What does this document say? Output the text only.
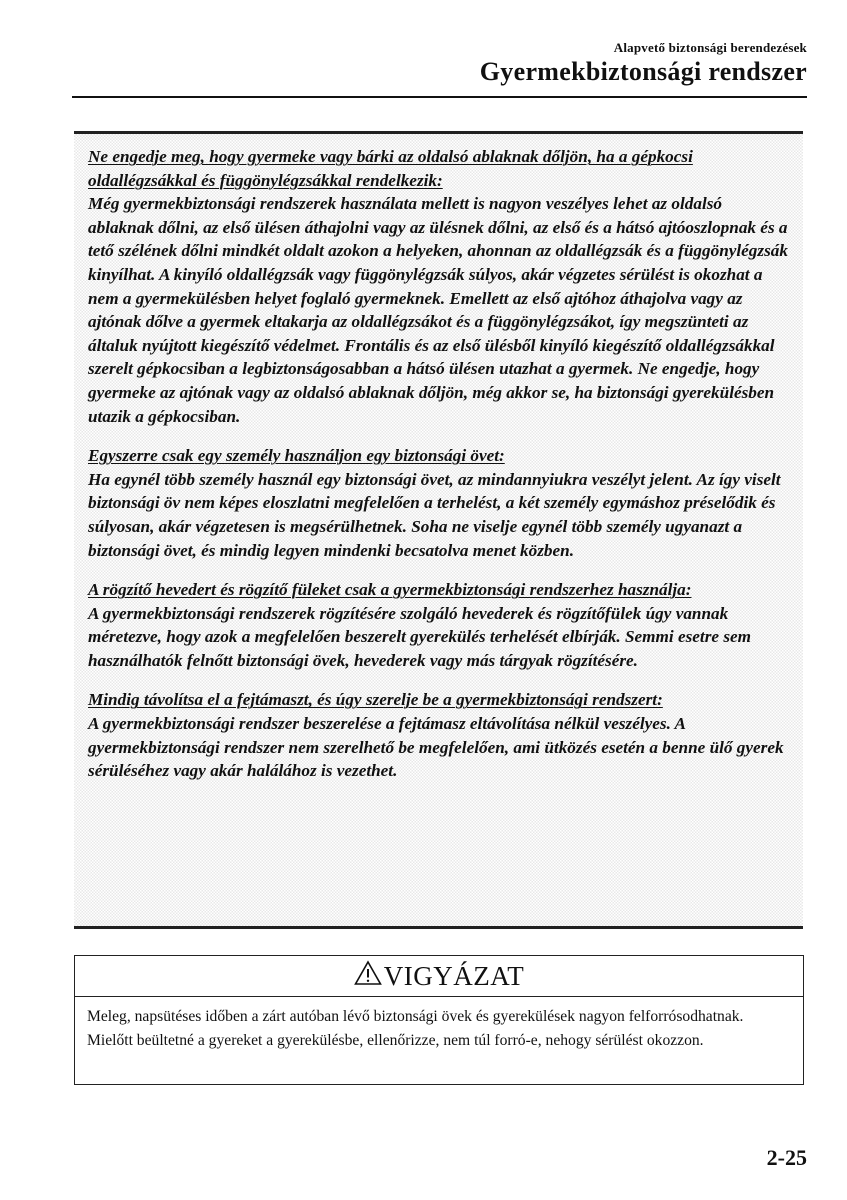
Alapvető biztonsági berendezések
Gyermekbiztonsági rendszer
Ne engedje meg, hogy gyermeke vagy bárki az oldalsó ablaknak dőljön, ha a gépkocsi oldallégzsákkal és függönylégzsákkal rendelkezik:
Még gyermekbiztonsági rendszerek használata mellett is nagyon veszélyes lehet az oldalsó ablaknak dőlni, az első ülésen áthajolni vagy az ülésnek dőlni, az első és a hátsó ajtóoszlopnak és a tető szélének dőlni mindkét oldalt azokon a helyeken, ahonnan az oldallégzsák és a függönylégzsák kinyílhat. A kinyíló oldallégzsák vagy függönylégzsák súlyos, akár végzetes sérülést is okozhat a nem a gyermekülésben helyet foglaló gyermeknek. Emellett az első ajtóhoz áthajolva vagy az ajtónak dőlve a gyermek eltakarja az oldallégzsákot és a függönylégzsákot, így megszünteti az általuk nyújtott kiegészítő védelmet. Frontális és az első ülésből kinyíló kiegészítő oldallégzsákkal szerelt gépkocsiban a legbiztonságosabban a hátsó ülésen utazhat a gyermek. Ne engedje, hogy gyermeke az ajtónak vagy az oldalsó ablaknak dőljön, még akkor se, ha biztonsági gyerekülésben utazik a gépkocsiban.
Egyszerre csak egy személy használjon egy biztonsági övet:
Ha egynél több személy használ egy biztonsági övet, az mindannyiukra veszélyt jelent. Az így viselt biztonsági öv nem képes eloszlatni megfelelően a terhelést, a két személy egymáshoz préselődik és súlyosan, akár végzetesen is megsérülhetnek. Soha ne viselje egynél több személy ugyanazt a biztonsági övet, és mindig legyen mindenki becsatolva menet közben.
A rögzítő hevedert és rögzítő füleket csak a gyermekbiztonsági rendszerhez használja:
A gyermekbiztonsági rendszerek rögzítésére szolgáló hevederek és rögzítőfülek úgy vannak méretezve, hogy azok a megfelelően beszerelt gyerekülés terhelését elbírják. Semmi esetre sem használhatók felnőtt biztonsági övek, hevederek vagy más tárgyak rögzítésére.
Mindig távolítsa el a fejtámaszt, és úgy szerelje be a gyermekbiztonsági rendszert:
A gyermekbiztonsági rendszer beszerelése a fejtámasz eltávolítása nélkül veszélyes. A gyermekbiztonsági rendszer nem szerelhető be megfelelően, ami ütközés esetén a benne ülő gyerek sérüléséhez vagy akár halálához is vezethet.
VIGYÁZAT
Meleg, napsütéses időben a zárt autóban lévő biztonsági övek és gyerekülések nagyon felforrósodhatnak. Mielőtt beültetné a gyereket a gyerekülésbe, ellenőrizze, nem túl forró-e, nehogy sérülést okozzon.
2-25
